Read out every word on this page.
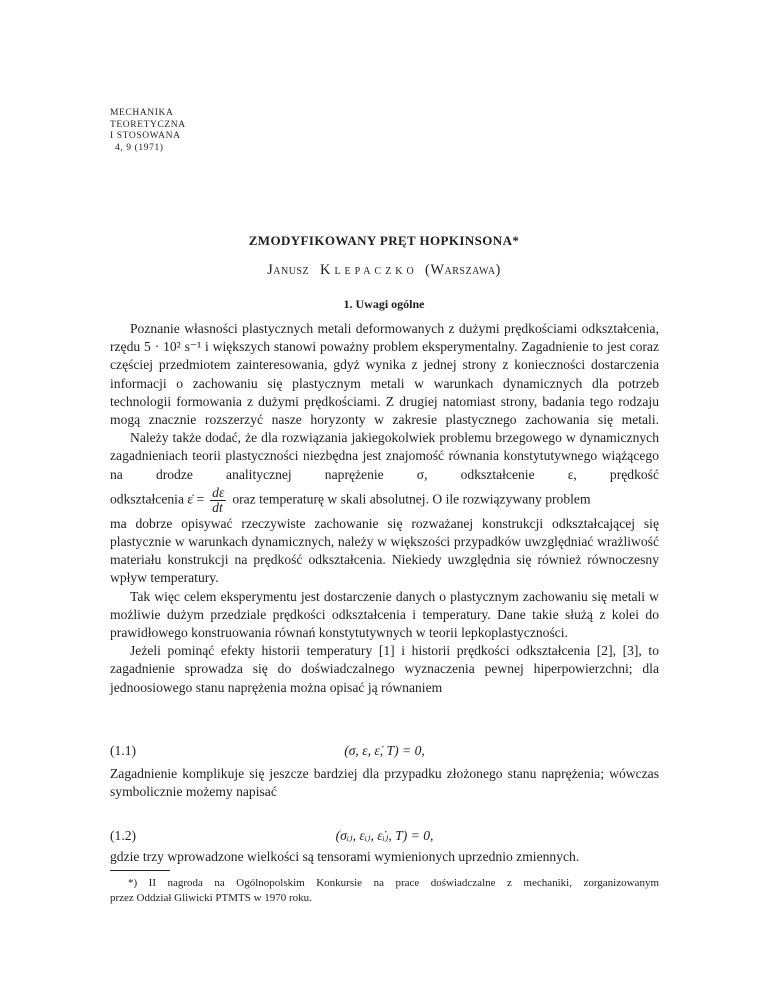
MECHANIKA
TEORETYCZNA
I STOSOWANA
4, 9 (1971)
ZMODYFIKOWANY PRĘT HOPKINSONA*
Janusz Klepaczko (Warszawa)
1. Uwagi ogólne

Poznanie własności plastycznych metali deformowanych z dużymi prędkościami odkształcenia, rzędu 5 · 10² s⁻¹ i większych stanowi poważny problem eksperymentalny. Zagadnienie to jest coraz częściej przedmiotem zainteresowania, gdyż wynika z jednej strony z konieczności dostarczenia informacji o zachowaniu się plastycznym metali w warunkach dynamicznych dla potrzeb technologii formowania z dużymi prędkościami. Z drugiej natomiast strony, badania tego rodzaju mogą znacznie rozszerzyć nasze horyzonty w zakresie plastycznego zachowania się metali.

Należy także dodać, że dla rozwiązania jakiegokolwiek problemu brzegowego w dynamicznych zagadnieniach teorii plastyczności niezbędna jest znajomość równania konstytutywnego wiążącego na drodze analitycznej naprężenie σ, odkształcenie ε, prędkość

odkształcenia ε̇ = $\frac{d\varepsilon}{dt}$ oraz temperaturę w skali absolutnej. O ile rozwiązywany problem

ma dobrze opisywać rzeczywiste zachowanie się rozważanej konstrukcji odkształcającej się plastycznie w warunkach dynamicznych, należy w większości przypadków uwzględniać wrażliwość materiału konstrukcji na prędkość odkształcenia. Niekiedy uwzględnia się również równoczesny wpływ temperatury.

Tak więc celem eksperymentu jest dostarczenie danych o plastycznym zachowaniu się metali w możliwie dużym przedziale prędkości odkształcenia i temperatury. Dane takie służą z kolei do prawidłowego konstruowania równań konstytutywnych w teorii lepkoplastyczności.

Jeżeli pominąć efekty historii temperatury [1] i historii prędkości odkształcenia [2], [3], to zagadnienie sprowadza się do doświadczalnego wyznaczenia pewnej hiperpowierzchni; dla jednoosiowego stanu naprężenia można opisać ją równaniem

(1.1)	(σ, ε, ε̇, T) = 0,

Zagadnienie komplikuje się jeszcze bardziej dla przypadku złożonego stanu naprężenia; wówczas symbolicznie możemy napisać

(1.2)	(σᵢⱼ, εᵢⱼ, ε̇ᵢⱼ, T) = 0,

gdzie trzy wprowadzone wielkości są tensorami wymienionych uprzednio zmiennych.

*) II nagroda na Ogólnopolskim Konkursie na prace doświadczalne z mechaniki, zorganizowanym

przez Oddział Gliwicki PTMTS w 1970 roku.
